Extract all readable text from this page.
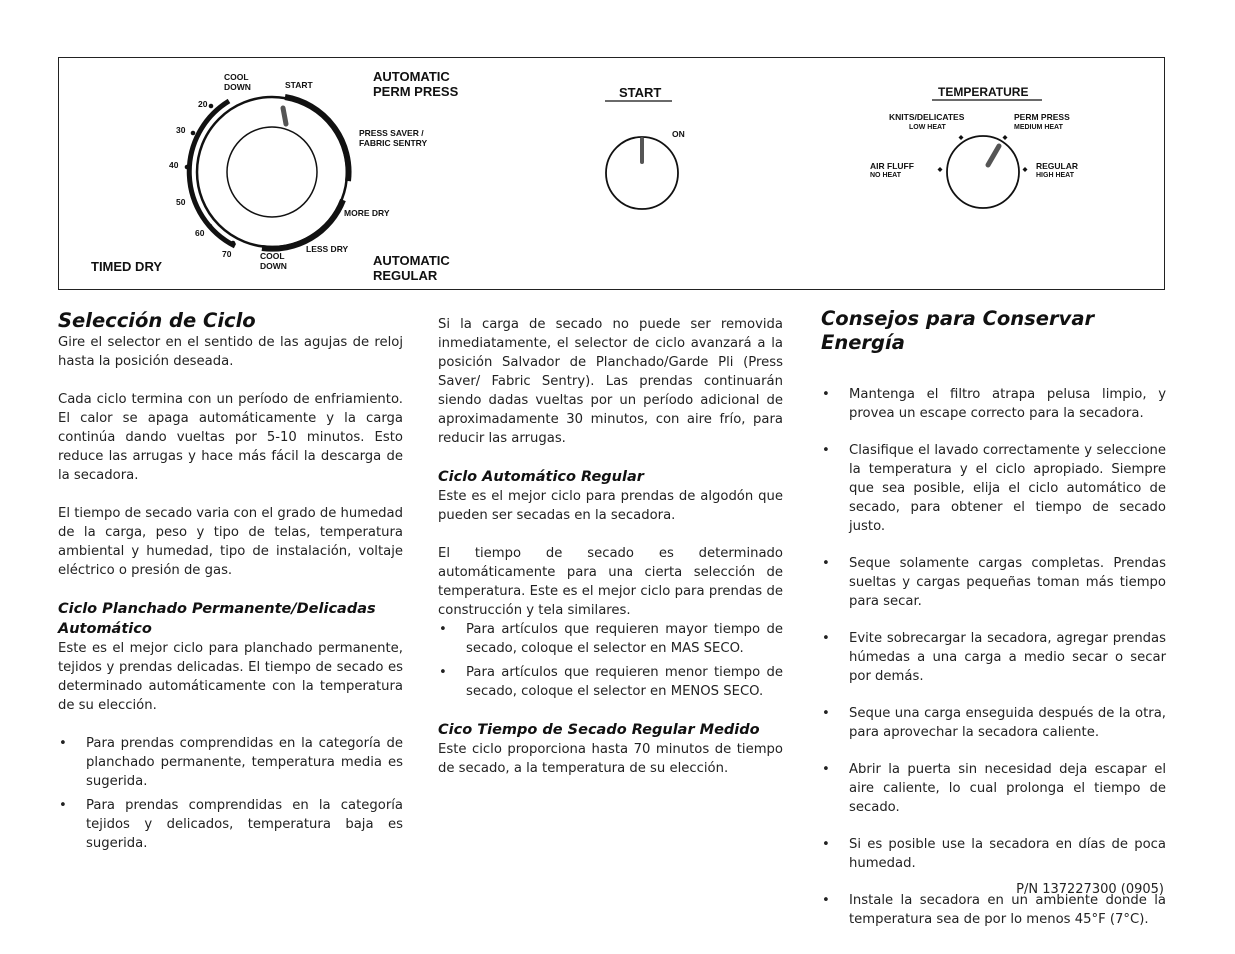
COOL
DOWN	START
AUTOMATIC
PERM PRESS
PRESS SAVER /
FABRIC SENTRY
MORE DRY
LESS DRY
COOL
DOWN	AUTOMATIC
REGULAR
TIMED DRY
20
30
40
50
60
70
START
ON
TEMPERATURE
KNITS/DELICATES
LOW HEAT
PERM PRESS
MEDIUM HEAT
AIR FLUFF
NO HEAT
REGULAR
HIGH HEAT
Selección de Ciclo

Gire el selector en el sentido de las agujas de reloj hasta la posición deseada.

Cada ciclo termina con un período de enfriamiento. El calor se apaga automáticamente y la carga continúa dando vueltas por 5-10 minutos. Esto reduce las arrugas y hace más fácil la descarga de la secadora.

El tiempo de secado varia con el grado de humedad de la carga, peso y tipo de telas, temperatura ambiental y humedad, tipo de instalación, voltaje eléctrico o presión de gas.

Ciclo Planchado Permanente/Delicadas Automático

Este es el mejor ciclo para planchado permanente, tejidos y prendas delicadas. El tiempo de secado es determinado automáticamente con la temperatura de su elección.

• Para prendas comprendidas en la categoría de planchado permanente, temperatura media es sugerida.
• Para prendas comprendidas en la categoría tejidos y delicados, temperatura baja es sugerida.

Si la carga de secado no puede ser removida inmediatamente, el selector de ciclo avanzará a la posición Salvador de Planchado/Garde Pli (Press Saver/ Fabric Sentry). Las prendas continuarán siendo dadas vueltas por un período adicional de aproximadamente 30 minutos, con aire frío, para reducir las arrugas.

Ciclo Automático Regular

Este es el mejor ciclo para prendas de algodón que pueden ser secadas en la secadora.

El tiempo de secado es determinado automáticamente para una cierta selección de temperatura. Este es el mejor ciclo para prendas de construcción y tela similares.

• Para artículos que requieren mayor tiempo de secado, coloque el selector en MAS SECO.
• Para artículos que requieren menor tiempo de secado, coloque el selector en MENOS SECO.
Cico Tiempo de Secado Regular Medido

Este ciclo proporciona hasta 70 minutos de tiempo de secado, a la temperatura de su elección.

Consejos para Conservar Energía
• Mantenga el filtro atrapa pelusa limpio, y provea un escape correcto para la secadora.
• Clasifique el lavado correctamente y seleccione la temperatura y el ciclo apropiado. Siempre que sea posible, elija el ciclo automático de secado, para obtener el tiempo de secado justo.
• Seque solamente cargas completas. Prendas sueltas y cargas pequeñas toman más tiempo para secar.
• Evite sobrecargar la secadora, agregar prendas húmedas a una carga a medio secar o secar por demás.
• Seque una carga enseguida después de la otra, para aprovechar la secadora caliente.
• Abrir la puerta sin necesidad deja escapar el aire caliente, lo cual prolonga el tiempo de secado.
• Si es posible use la secadora en días de poca humedad.
• Instale la secadora en un ambiente donde la temperatura sea de por lo menos 45°F (7°C).
P/N 137227300 (0905)
